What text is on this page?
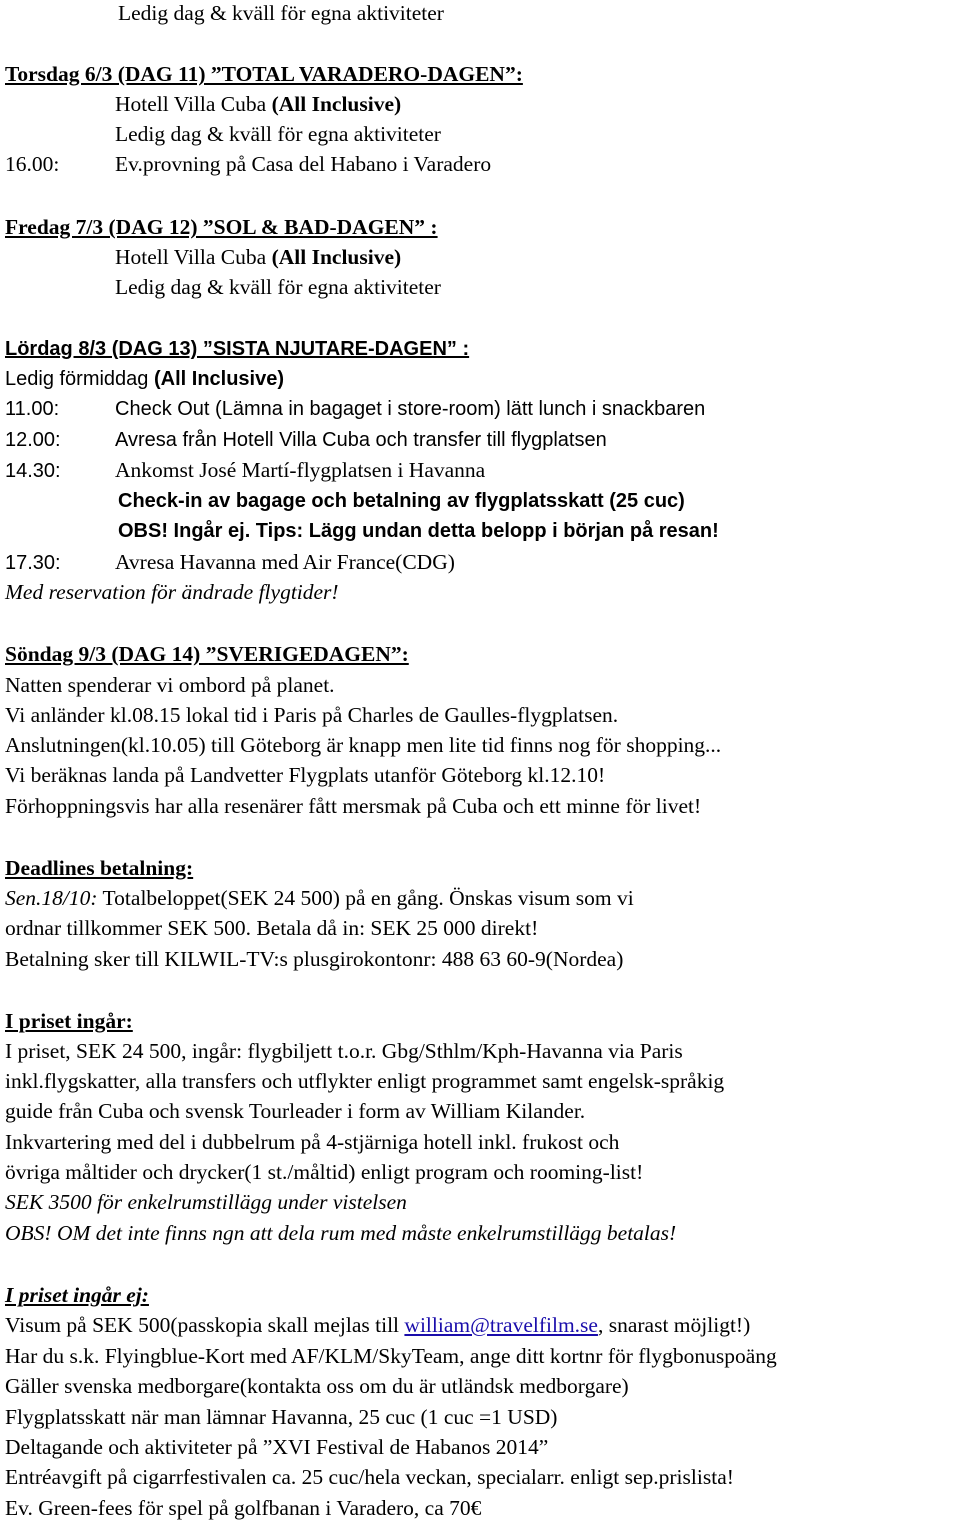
Ledig dag & kväll för egna aktiviteter
Torsdag 6/3 (DAG 11) ”TOTAL VARADERO-DAGEN”:
Hotell Villa Cuba (All Inclusive)
Ledig dag & kväll för egna aktiviteter
16.00:	Ev.provning på Casa del Habano i Varadero
Fredag 7/3 (DAG 12) ”SOL & BAD-DAGEN” :
Hotell Villa Cuba (All Inclusive)
Ledig dag & kväll för egna aktiviteter
Lördag 8/3 (DAG 13) ”SISTA NJUTARE-DAGEN” :
Ledig förmiddag (All Inclusive)
11.00:	Check Out (Lämna in bagaget i store-room) lätt lunch i snackbaren
12.00:	Avresa från Hotell Villa Cuba och transfer till flygplatsen
14.30:	Ankomst José Martí-flygplatsen i Havanna
Check-in av bagage och betalning av flygplatsskatt (25 cuc)
OBS! Ingår ej. Tips: Lägg undan detta belopp i början på resan!
17.30:	Avresa Havanna med Air France(CDG)
Med reservation för ändrade flygtider!
Söndag 9/3 (DAG 14) ”SVERIGEDAGEN”:
Natten spenderar vi ombord på planet.
Vi anländer kl.08.15 lokal tid i Paris på Charles de Gaulles-flygplatsen.
Anslutningen(kl.10.05) till Göteborg är knapp men lite tid finns nog för shopping...
Vi beräknas landa på Landvetter Flygplats utanför Göteborg kl.12.10!
Förhoppningsvis har alla resenärer fått mersmak på Cuba och ett minne för livet!
Deadlines betalning:
Sen.18/10: Totalbeloppet(SEK 24 500) på en gång. Önskas visum som vi
ordnar tillkommer SEK 500. Betala då in: SEK 25 000 direkt!
Betalning sker till KILWIL-TV:s plusgirokontonr: 488 63 60-9(Nordea)
I priset ingår:
I priset, SEK 24 500, ingår: flygbiljett t.o.r. Gbg/Sthlm/Kph-Havanna via Paris
inkl.flygskatter, alla transfers och utflykter enligt programmet samt engelsk-språkig
guide från Cuba och svensk Tourleader i form av William Kilander.
Inkvartering med del i dubbelrum på 4-stjärniga hotell inkl. frukost och
övriga måltider och drycker(1 st./måltid) enligt program och rooming-list!
SEK 3500 för enkelrumstillägg under vistelsen
OBS! OM det inte finns ngn att dela rum med måste enkelrumstillägg betalas!
I priset ingår ej:
Visum på SEK 500(passkopia skall mejlas till william@travelfilm.se, snarast möjligt!)
Har du s.k. Flyingblue-Kort med AF/KLM/SkyTeam, ange ditt kortnr för flygbonuspoäng
Gäller svenska medborgare(kontakta oss om du är utländsk medborgare)
Flygplatsskatt när man lämnar Havanna, 25 cuc (1 cuc =1 USD)
Deltagande och aktiviteter på ”XVI Festival de Habanos 2014”
Entréavgift på cigarrfestivalen ca. 25 cuc/hela veckan, specialarr. enligt sep.prislista!
Ev. Green-fees för spel på golfbanan i Varadero, ca 70€
